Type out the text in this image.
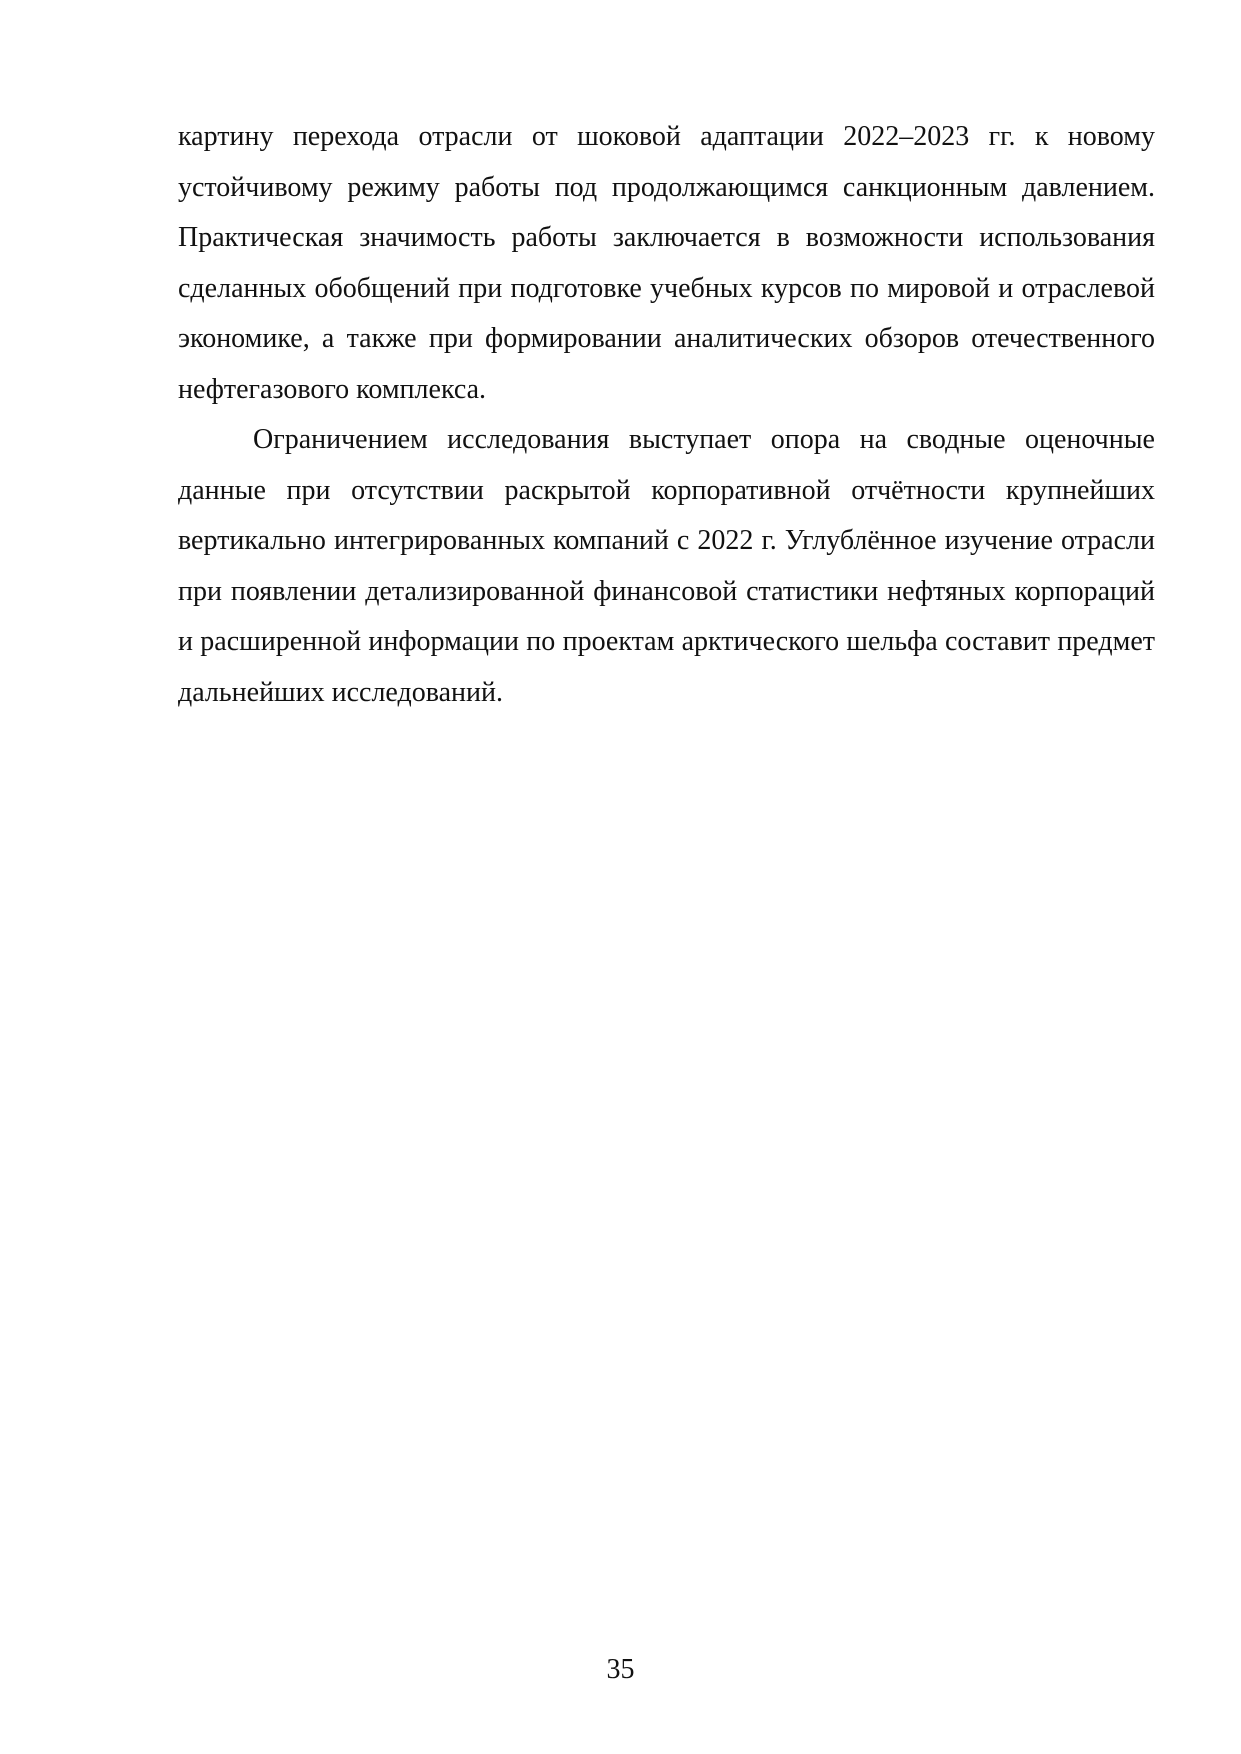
картину перехода отрасли от шоковой адаптации 2022–2023 гг. к новому устойчивому режиму работы под продолжающимся санкционным давлением. Практическая значимость работы заключается в возможности использования сделанных обобщений при подготовке учебных курсов по мировой и отраслевой экономике, а также при формировании аналитических обзоров отечественного нефтегазового комплекса.

Ограничением исследования выступает опора на сводные оценочные данные при отсутствии раскрытой корпоративной отчётности крупнейших вертикально интегрированных компаний с 2022 г. Углублённое изучение отрасли при появлении детализированной финансовой статистики нефтяных корпораций и расширенной информации по проектам арктического шельфа составит предмет дальнейших исследований.

35
